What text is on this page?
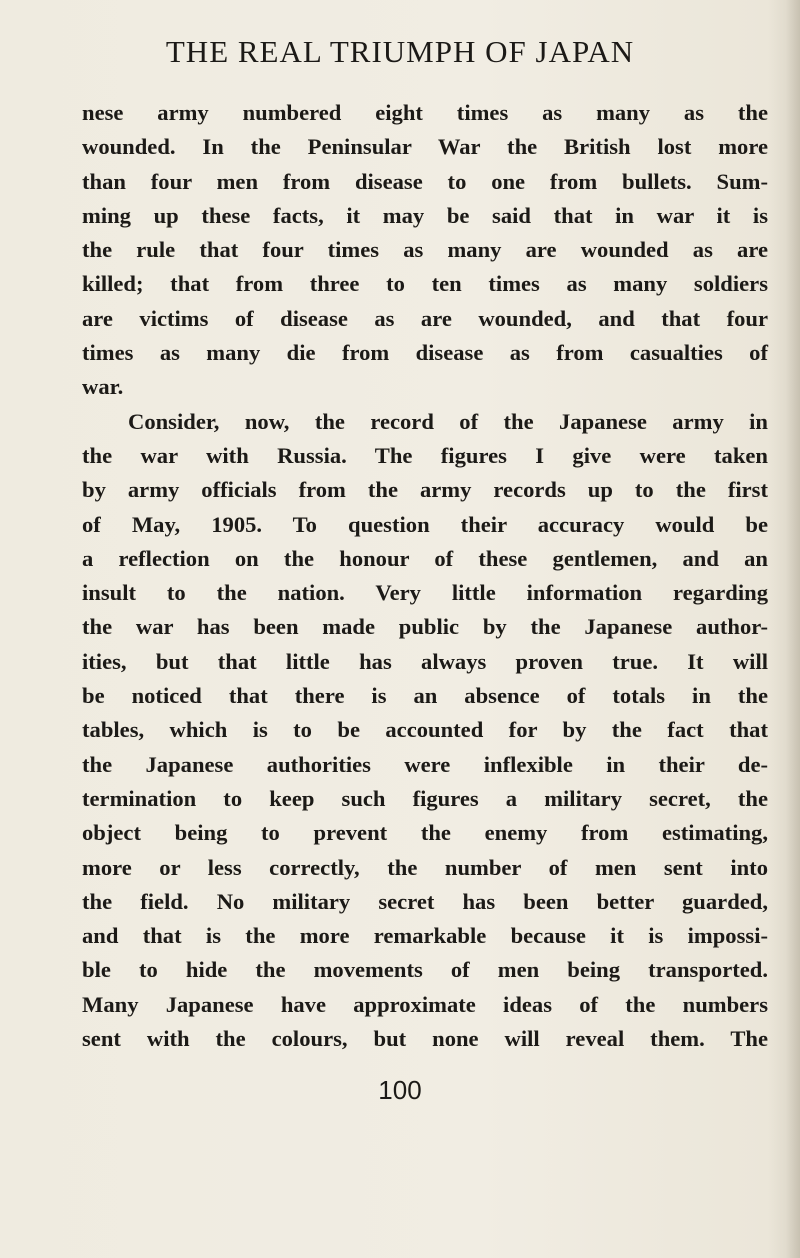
THE REAL TRIUMPH OF JAPAN
nese army numbered eight times as many as the
wounded. In the Peninsular War the British lost more
than four men from disease to one from bullets. Sum-
ming up these facts, it may be said that in war it is
the rule that four times as many are wounded as are
killed; that from three to ten times as many soldiers
are victims of disease as are wounded, and that four
times as many die from disease as from casualties of
war.
Consider, now, the record of the Japanese army in
the war with Russia. The figures I give were taken
by army officials from the army records up to the first
of May, 1905. To question their accuracy would be
a reflection on the honour of these gentlemen, and an
insult to the nation. Very little information regarding
the war has been made public by the Japanese author-
ities, but that little has always proven true. It will
be noticed that there is an absence of totals in the
tables, which is to be accounted for by the fact that
the Japanese authorities were inflexible in their de-
termination to keep such figures a military secret, the
object being to prevent the enemy from estimating,
more or less correctly, the number of men sent into
the field. No military secret has been better guarded,
and that is the more remarkable because it is impossi-
ble to hide the movements of men being transported.
Many Japanese have approximate ideas of the numbers
sent with the colours, but none will reveal them. The
100
